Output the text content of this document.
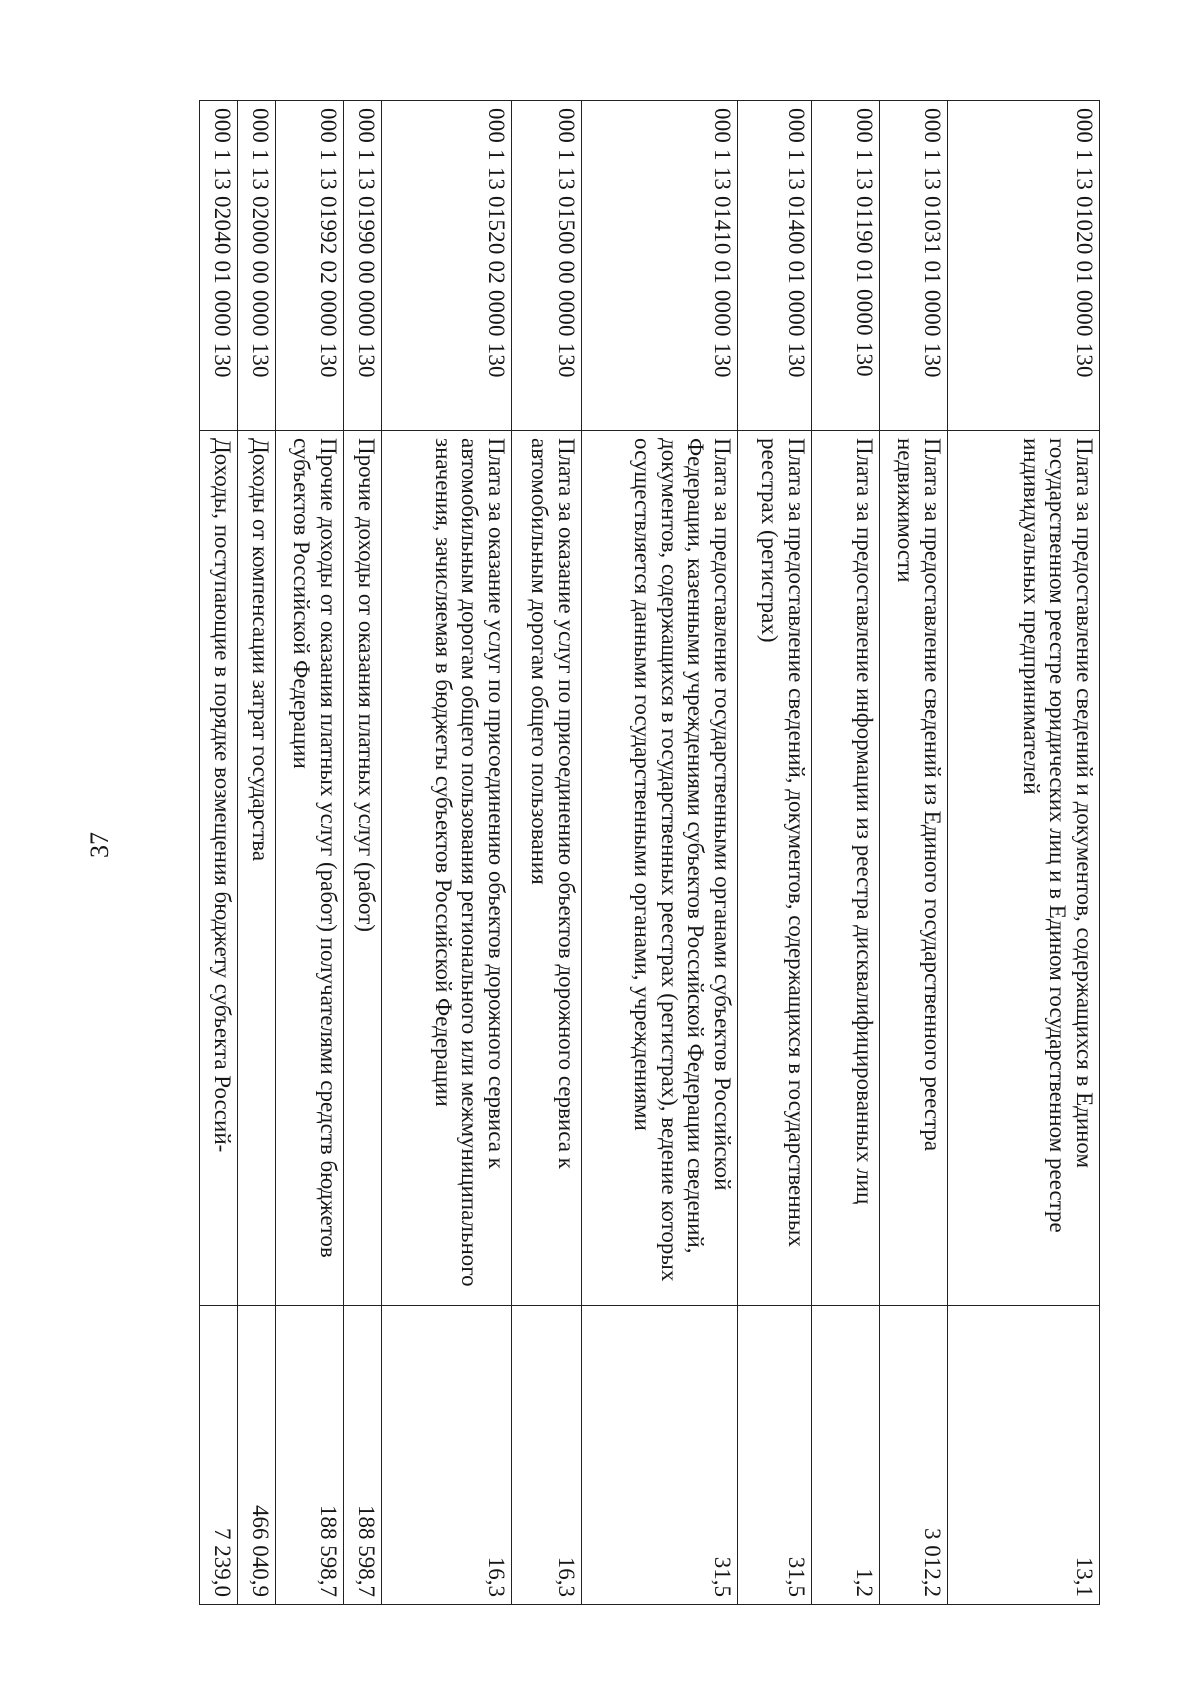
37
000 1 13 01020 01 0000 130	Плата за предоставление сведений и документов, содержащихся в Едином государственном реестре юридических лиц и в Едином государственном реестре индивидуальных предпринимателей	13,1
000 1 13 01031 01 0000 130	Плата за предоставление сведений из Единого государственного реестра недвижимости	3 012,2
000 1 13 01190 01 0000 130	Плата за предоставление информации из реестра дисквалифицированных лиц	1,2
000 1 13 01400 01 0000 130	Плата за предоставление сведений, документов, содержащихся в государственных реестрах (регистрах)	31,5
000 1 13 01410 01 0000 130	Плата за предоставление государственными органами субъектов Российской Федерации, казенными учреждениями субъектов Российской Федерации сведений, документов, содержащихся в государственных реестрах (регистрах), ведение которых осуществляется данными государственными органами, учреждениями	31,5
000 1 13 01500 00 0000 130	Плата за оказание услуг по присоединению объектов дорожного сервиса к автомобильным дорогам общего пользования	16,3
000 1 13 01520 02 0000 130	Плата за оказание услуг по присоединению объектов дорожного сервиса к автомобильным дорогам общего пользования регионального или межмуниципального значения, зачисляемая в бюджеты субъектов Российской Федерации	16,3
000 1 13 01990 00 0000 130	Прочие доходы от оказания платных услуг (работ)	188 598,7
000 1 13 01992 02 0000 130	Прочие доходы от оказания платных услуг (работ) получателями средств бюджетов субъектов Российской Федерации	188 598,7
000 1 13 02000 00 0000 130	Доходы от компенсации затрат государства	466 040,9
000 1 13 02040 01 0000 130	Доходы, поступающие в порядке возмещения бюджету субъекта Россий-	7 239,0
